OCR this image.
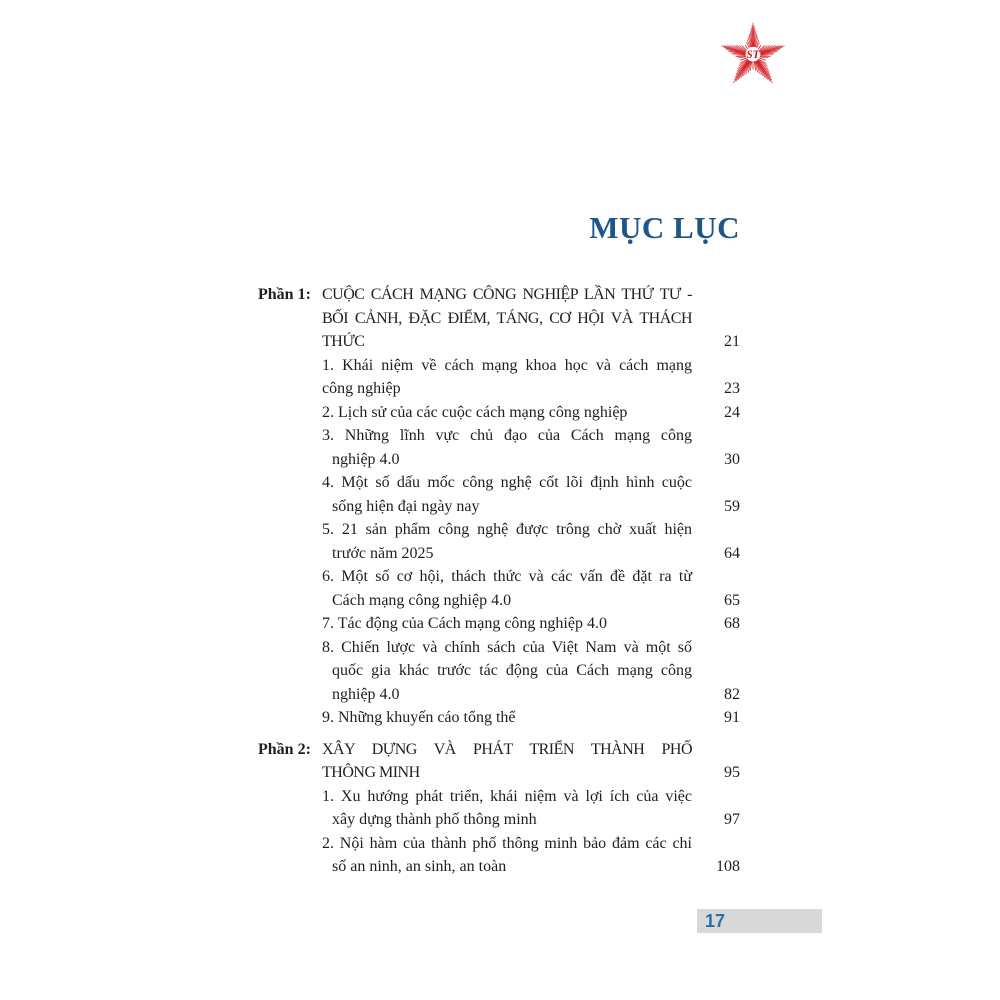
ST
MỤC LỤC
Phần 1: CUỘC CÁCH MẠNG CÔNG NGHIỆP LẦN THỨ TƯ -
BỐI CẢNH, ĐẶC ĐIỂM, TÁNG, CƠ HỘI VÀ THÁCH
THỨC	21
1. Khái niệm về cách mạng khoa học và cách mạng
công nghiệp	23
2. Lịch sử của các cuộc cách mạng công nghiệp	24
3. Những lĩnh vực chủ đạo của Cách mạng công
nghiệp 4.0	30
4. Một số dấu mốc công nghệ cốt lõi định hình cuộc
sống hiện đại ngày nay	59
5. 21 sản phẩm công nghệ được trông chờ xuất hiện
trước năm 2025	64
6. Một số cơ hội, thách thức và các vấn đề đặt ra từ
Cách mạng công nghiệp 4.0	65
7. Tác động của Cách mạng công nghiệp 4.0	68
8. Chiến lược và chính sách của Việt Nam và một số
quốc gia khác trước tác động của Cách mạng công
nghiệp 4.0	82
9. Những khuyến cáo tổng thể	91
Phần 2: XÂY DỰNG VÀ PHÁT TRIỂN THÀNH PHỐ
THÔNG MINH	95
1. Xu hướng phát triển, khái niệm và lợi ích của việc
xây dựng thành phố thông minh	97
2. Nội hàm của thành phố thông minh bảo đảm các chỉ
số an ninh, an sinh, an toàn	108
17
